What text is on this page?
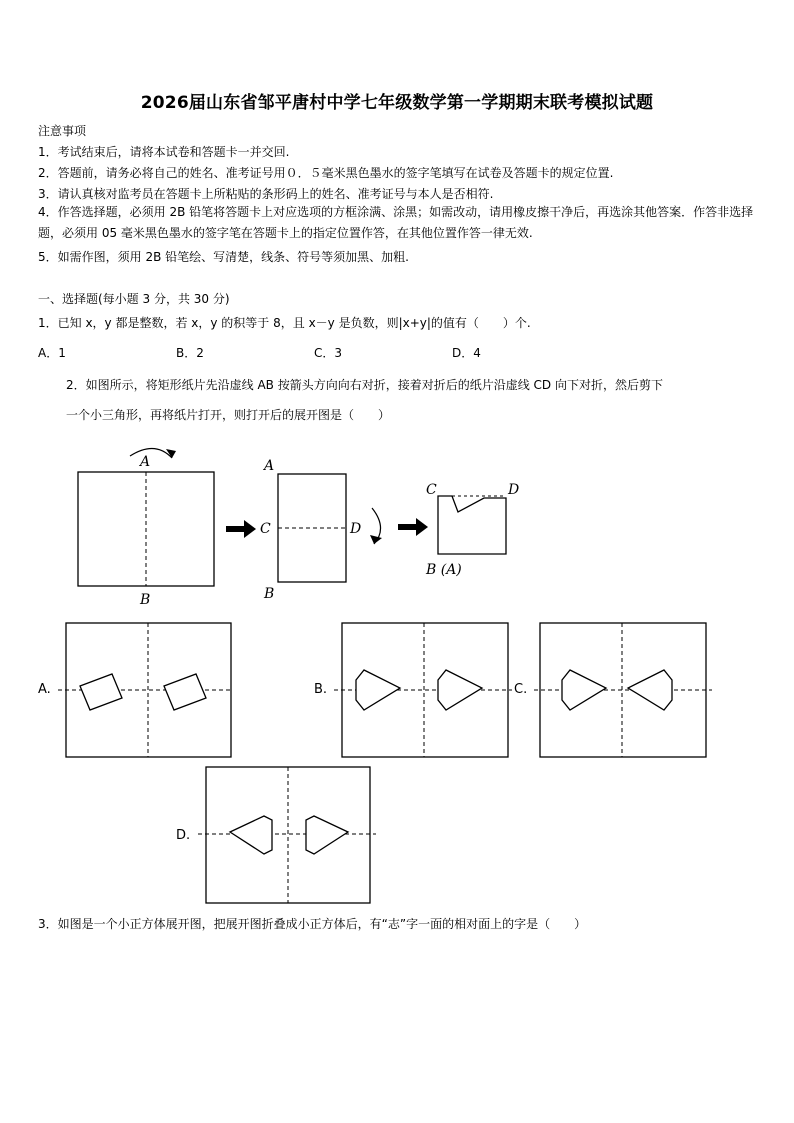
2026届山东省邹平唐村中学七年级数学第一学期期末联考模拟试题
注意事项
1．考试结束后，请将本试卷和答题卡一并交回.
2．答题前，请务必将自己的姓名、准考证号用０．５毫米黑色墨水的签字笔填写在试卷及答题卡的规定位置.
3．请认真核对监考员在答题卡上所粘贴的条形码上的姓名、准考证号与本人是否相符.
4．作答选择题，必须用 2B 铅笔将答题卡上对应选项的方框涂满、涂黑；如需改动，请用橡皮擦干净后，再选涂其他答案．作答非选择题，必须用 05 毫米黑色墨水的签字笔在答题卡上的指定位置作答，在其他位置作答一律无效.
5．如需作图，须用 2B 铅笔绘、写清楚，线条、符号等须加黑、加粗.
一、选择题(每小题 3 分，共 30 分)
1．已知 x，y 都是整数，若 x，y 的积等于 8，且 x－y 是负数，则|x+y|的值有（　　）个.
A．1	B．2	C．3	D．4
2．如图所示，将矩形纸片先沿虚线 AB 按箭头方向向右对折，接着对折后的纸片沿虚线 CD 向下对折，然后剪下
一个小三角形，再将纸片打开，则打开后的展开图是（　　）
A
B
A
C	D
B
C	D
B (A)
A.	B.	C.
D.
3．如图是一个小正方体展开图，把展开图折叠成小正方体后，有“志”字一面的相对面上的字是（　　）
